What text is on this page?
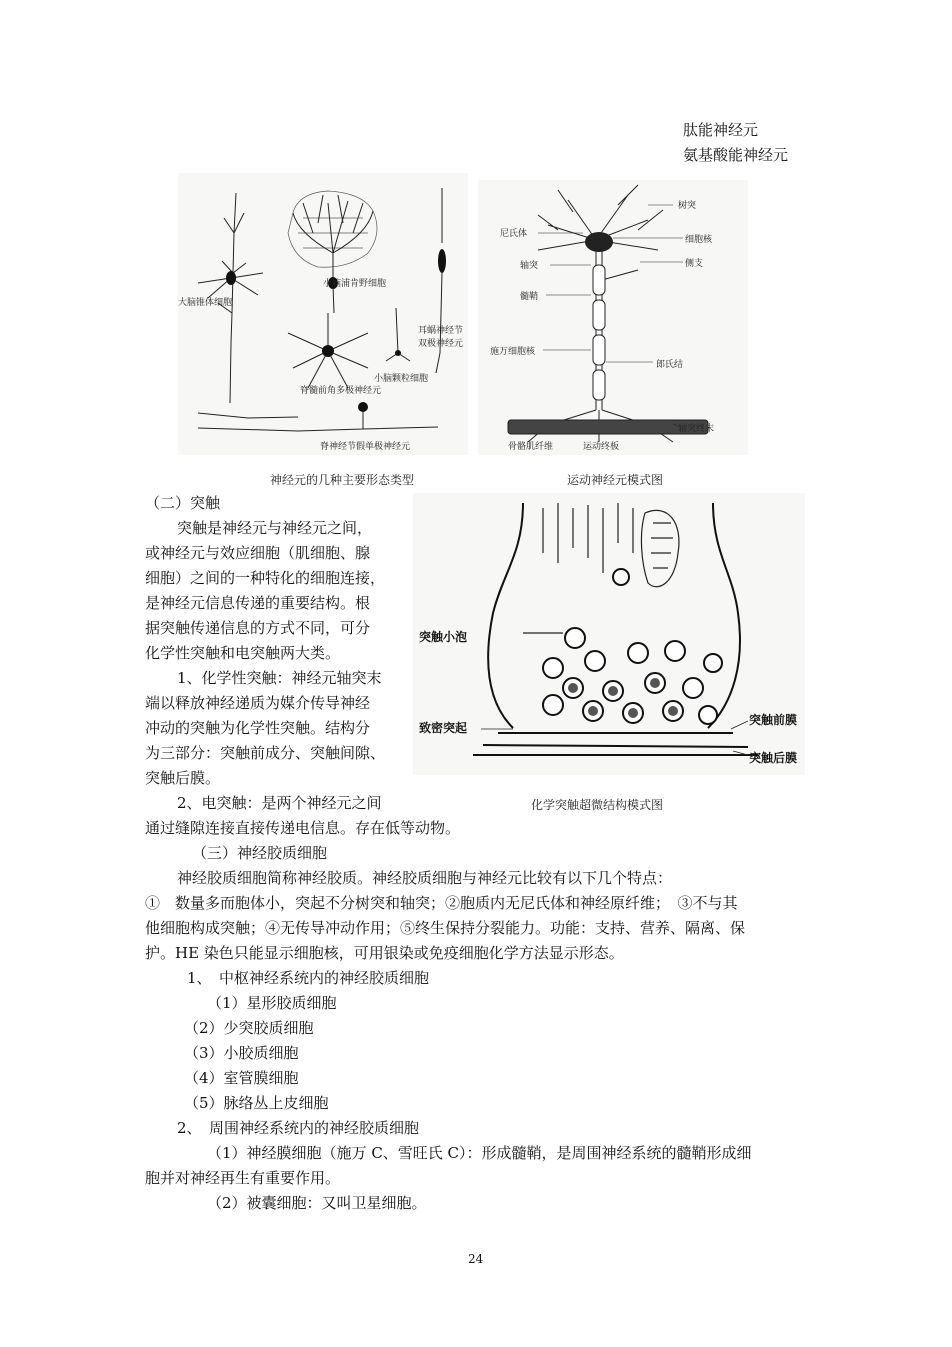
肽能神经元
氨基酸能神经元
大脑锥体细胞
小脑浦肯野细胞
耳蜗神经节双极神经元
脊髓前角多极神经元
小脑颗粒细胞
脊神经节假单极神经元
树突
尼氏体
细胞核
轴突	侧支
髓鞘
施万细胞核
郎氏结
轴突终末
骨骼肌纤维	运动终板
神经元的几种主要形态类型	运动神经元模式图
突触小泡
致密突起
突触前膜
突触后膜
化学突触超微结构模式图
（二）突触
突触是神经元与神经元之间，
或神经元与效应细胞（肌细胞、腺
细胞）之间的一种特化的细胞连接，
是神经元信息传递的重要结构。根
据突触传递信息的方式不同，可分
化学性突触和电突触两大类。
1、化学性突触：神经元轴突末
端以释放神经递质为媒介传导神经
冲动的突触为化学性突触。结构分
为三部分：突触前成分、突触间隙、
突触后膜。
2、电突触：是两个神经元之间
通过缝隙连接直接传递电信息。存在低等动物。
（三）神经胶质细胞
神经胶质细胞简称神经胶质。神经胶质细胞与神经元比较有以下几个特点：
①　数量多而胞体小，突起不分树突和轴突；②胞质内无尼氏体和神经原纤维；　③不与其
他细胞构成突触；④无传导冲动作用；⑤终生保持分裂能力。功能：支持、营养、隔离、保
护。HE 染色只能显示细胞核，可用银染或免疫细胞化学方法显示形态。
1、　中枢神经系统内的神经胶质细胞
（1）星形胶质细胞
（2）少突胶质细胞
（3）小胶质细胞
（4）室管膜细胞
（5）脉络丛上皮细胞
2、　周围神经系统内的神经胶质细胞
（1）神经膜细胞（施万 C、雪旺氏 C）：形成髓鞘，是周围神经系统的髓鞘形成细
胞并对神经再生有重要作用。
（2）被囊细胞：又叫卫星细胞。
24
